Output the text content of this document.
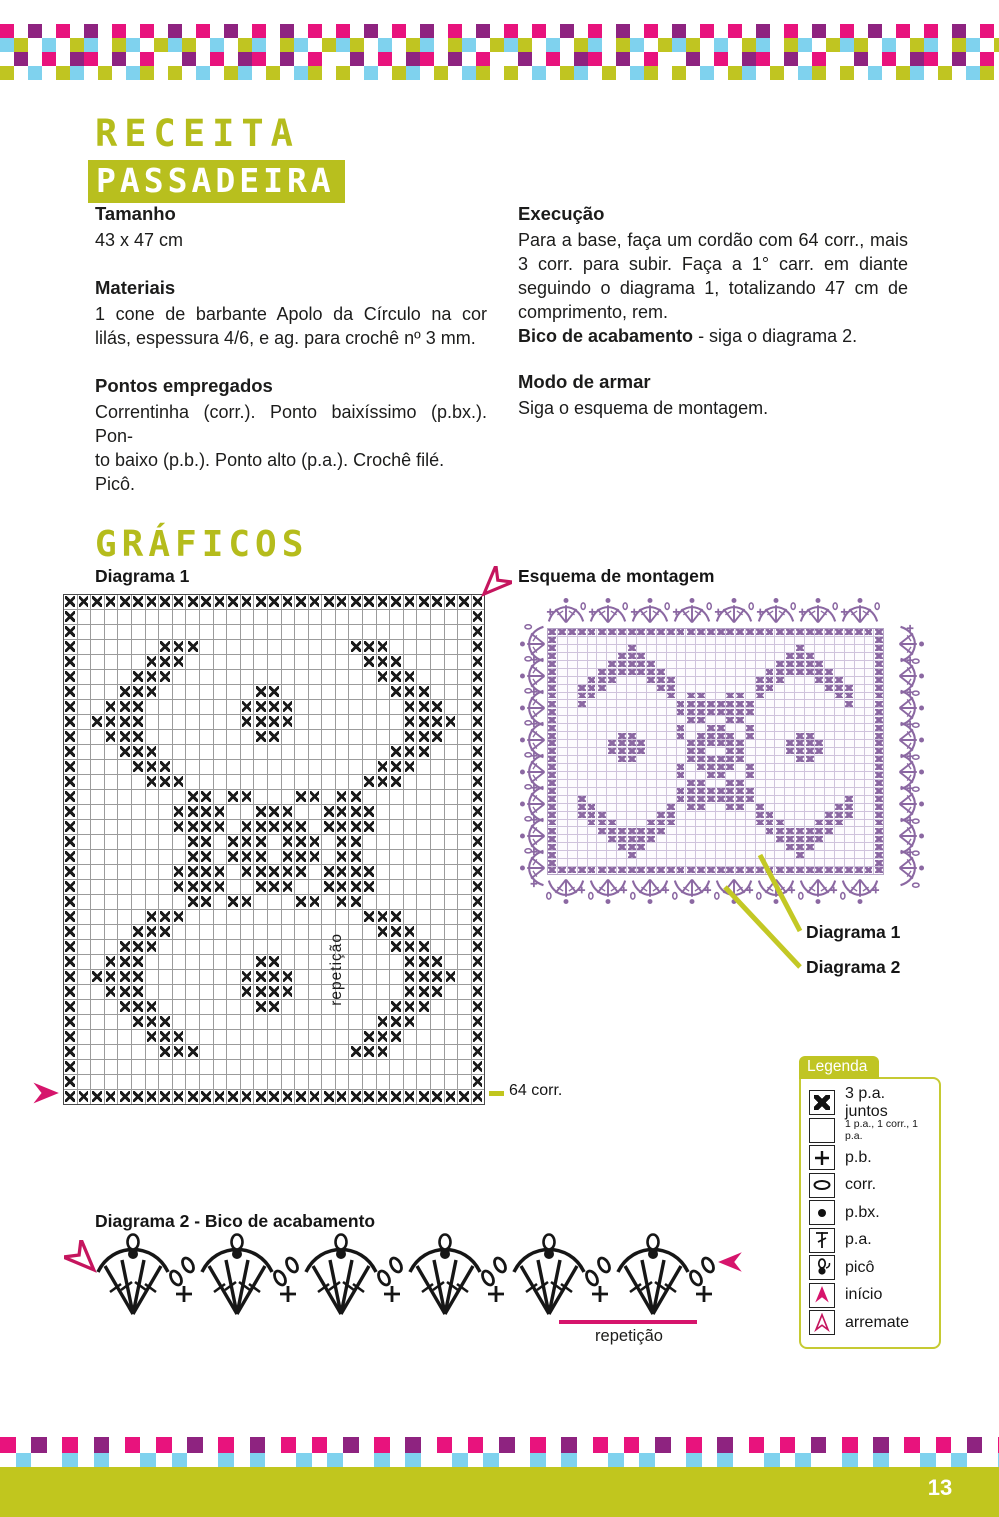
RECEITA
PASSADEIRA
Tamanho
43 x 47 cm
Materiais
1 cone de barbante Apolo da Círculo na cor
lilás, espessura 4/6, e ag. para crochê nº 3 mm.
Pontos empregados
Correntinha (corr.). Ponto baixíssimo (p.bx.). Pon-
to baixo (p.b.). Ponto alto (p.a.). Crochê filé. Picô.
Execução
Para a base, faça um cordão com 64 corr., mais
3 corr. para subir. Faça a 1° carr. em diante
seguindo o diagrama 1, totalizando 47 cm de
comprimento, rem.
Bico de acabamento - siga o diagrama 2.
Modo de armar
Siga o esquema de montagem.
GRÁFICOS
Diagrama 1
repetição
64 corr.
Esquema de montagem
Diagrama 1
Diagrama 2
Legenda
3 p.a. juntos
1 p.a., 1 corr., 1 p.a.
p.b.
corr.
p.bx.
p.a.
picô
início
arremate
Diagrama 2 - Bico de acabamento
repetição
13
